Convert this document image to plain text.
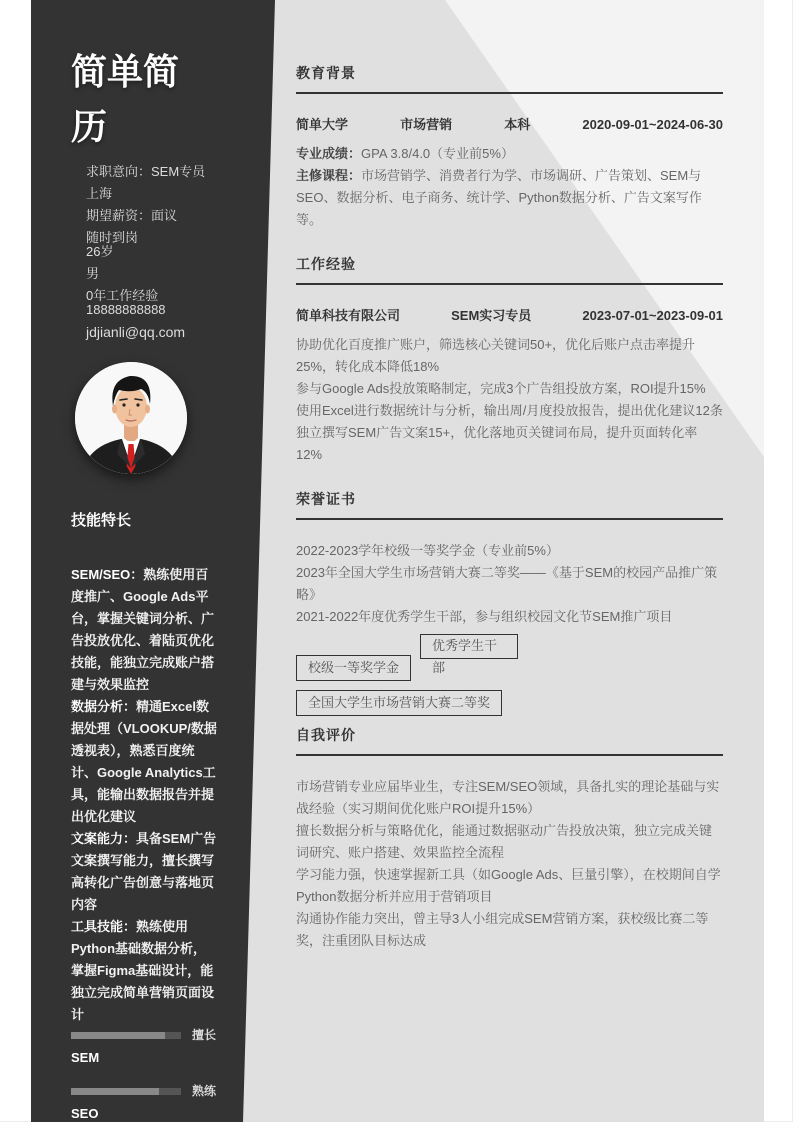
简单简历
求职意向：SEM专员
上海
期望薪资：面议
随时到岗
26岁
男
0年工作经验
18888888888
jdjianli@qq.com
技能特长
SEM/SEO：熟练使用百度推广、Google Ads平台，掌握关键词分析、广告投放优化、着陆页优化技能，能独立完成账户搭建与效果监控
数据分析：精通Excel数据处理（VLOOKUP/数据透视表），熟悉百度统计、Google Analytics工具，能输出数据报告并提出优化建议
文案能力：具备SEM广告文案撰写能力，擅长撰写高转化广告创意与落地页内容
工具技能：熟练使用Python基础数据分析，掌握Figma基础设计，能独立完成简单营销页面设计
擅长
SEM
熟练
SEO
教育背景
简单大学	市场营销	本科	2020-09-01~2024-06-30
专业成绩：GPA 3.8/4.0（专业前5%）
主修课程：市场营销学、消费者行为学、市场调研、广告策划、SEM与SEO、数据分析、电子商务、统计学、Python数据分析、广告文案写作等。
工作经验
简单科技有限公司	SEM实习专员	2023-07-01~2023-09-01
协助优化百度推广账户，筛选核心关键词50+，优化后账户点击率提升25%，转化成本降低18%
参与Google Ads投放策略制定，完成3个广告组投放方案，ROI提升15%
使用Excel进行数据统计与分析，输出周/月度投放报告，提出优化建议12条
独立撰写SEM广告文案15+，优化落地页关键词布局，提升页面转化率12%
荣誉证书
2022-2023学年校级一等奖学金（专业前5%）
2023年全国大学生市场营销大赛二等奖——《基于SEM的校园产品推广策略》
2021-2022年度优秀学生干部，参与组织校园文化节SEM推广项目
校级一等奖学金优秀学生干部全国大学生市场营销大赛二等奖
自我评价
市场营销专业应届毕业生，专注SEM/SEO领域，具备扎实的理论基础与实战经验（实习期间优化账户ROI提升15%）
擅长数据分析与策略优化，能通过数据驱动广告投放决策，独立完成关键词研究、账户搭建、效果监控全流程
学习能力强，快速掌握新工具（如Google Ads、巨量引擎），在校期间自学Python数据分析并应用于营销项目
沟通协作能力突出，曾主导3人小组完成SEM营销方案，获校级比赛二等奖，注重团队目标达成
